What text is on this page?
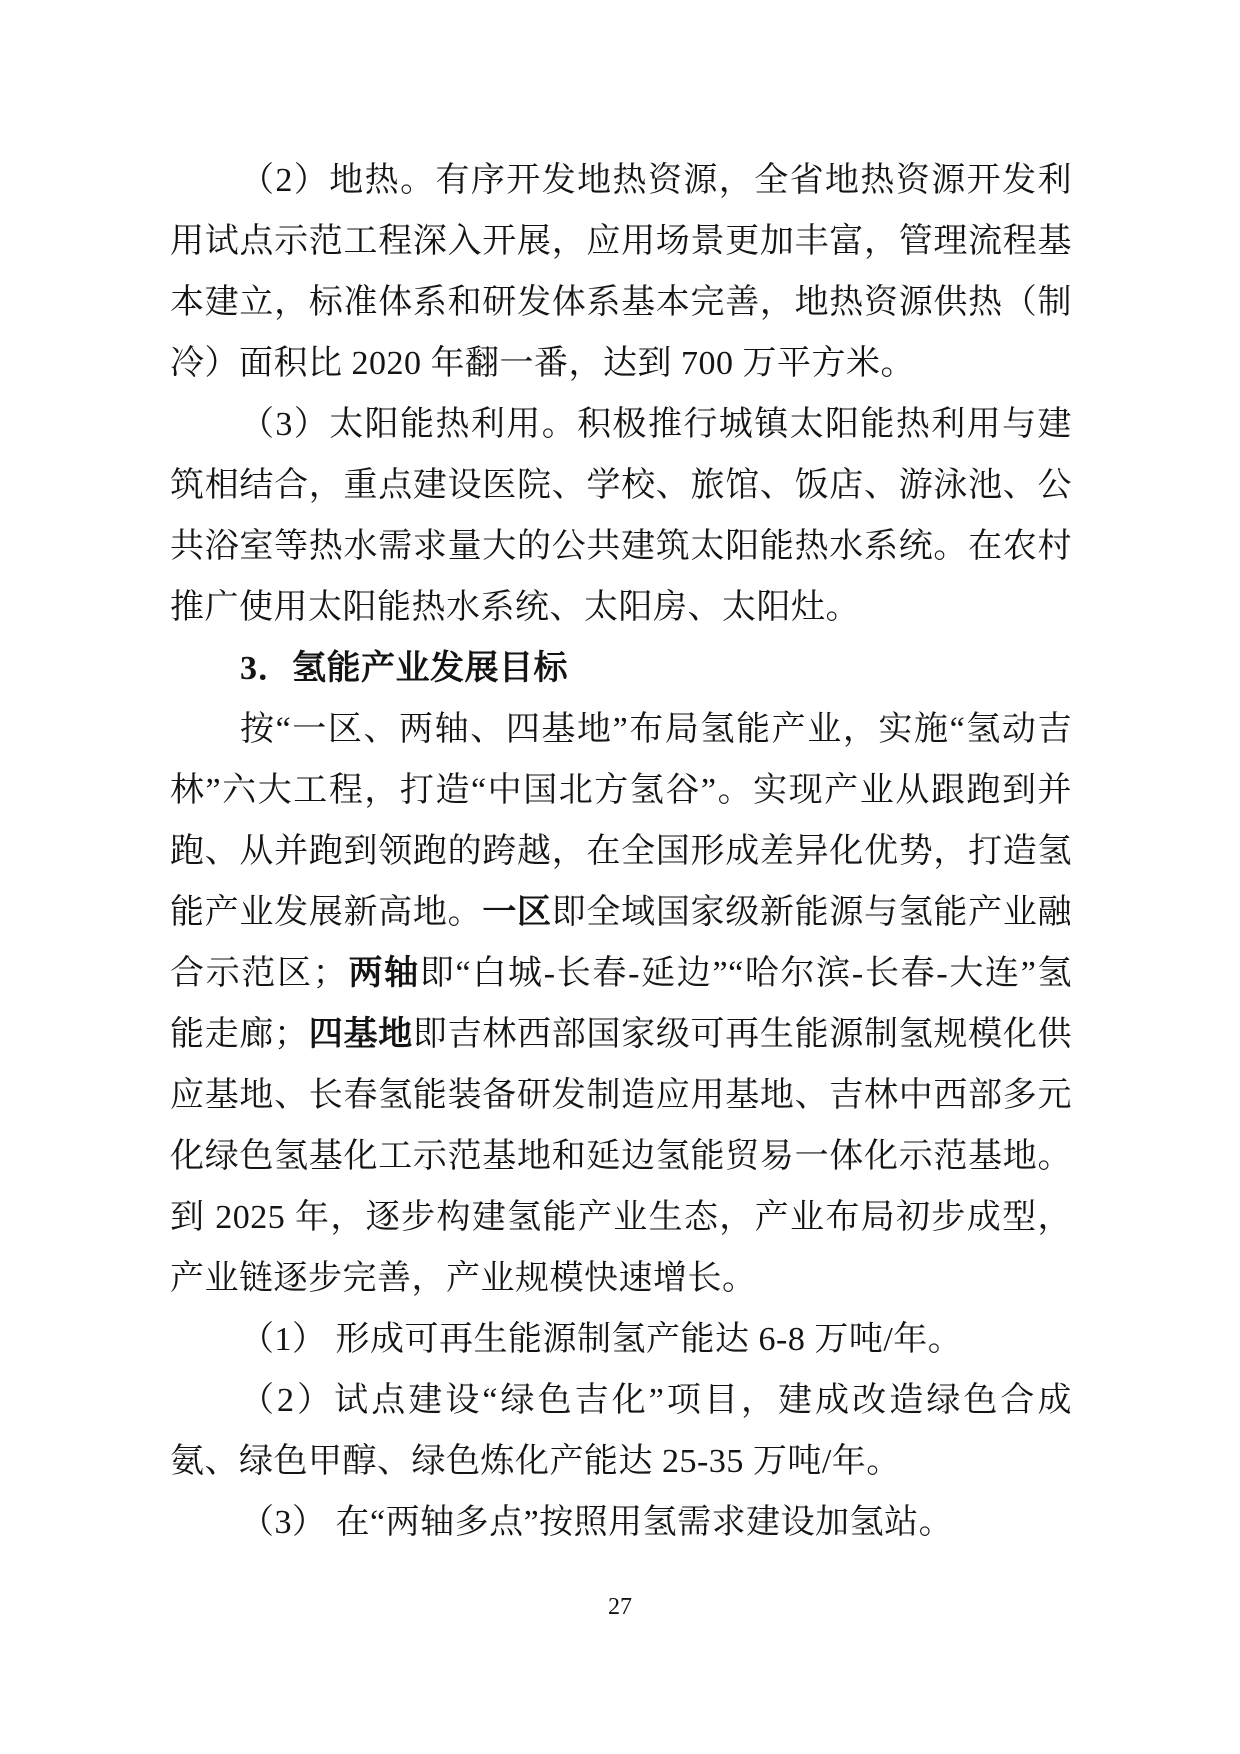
（2）地热。有序开发地热资源，全省地热资源开发利用试点示范工程深入开展，应用场景更加丰富，管理流程基本建立，标准体系和研发体系基本完善，地热资源供热（制冷）面积比 2020 年翻一番，达到 700 万平方米。

（3）太阳能热利用。积极推行城镇太阳能热利用与建筑相结合，重点建设医院、学校、旅馆、饭店、游泳池、公共浴室等热水需求量大的公共建筑太阳能热水系统。在农村推广使用太阳能热水系统、太阳房、太阳灶。

3．氢能产业发展目标

按“一区、两轴、四基地”布局氢能产业，实施“氢动吉林”六大工程，打造“中国北方氢谷”。实现产业从跟跑到并跑、从并跑到领跑的跨越，在全国形成差异化优势，打造氢能产业发展新高地。一区即全域国家级新能源与氢能产业融合示范区；两轴即“白城-长春-延边”“哈尔滨-长春-大连”氢能走廊；四基地即吉林西部国家级可再生能源制氢规模化供应基地、长春氢能装备研发制造应用基地、吉林中西部多元化绿色氢基化工示范基地和延边氢能贸易一体化示范基地。到 2025 年，逐步构建氢能产业生态，产业布局初步成型，产业链逐步完善，产业规模快速增长。

（1） 形成可再生能源制氢产能达 6-8 万吨/年。

（2）试点建设“绿色吉化”项目，建成改造绿色合成氨、绿色甲醇、绿色炼化产能达 25-35 万吨/年。

（3） 在“两轴多点”按照用氢需求建设加氢站。

27
